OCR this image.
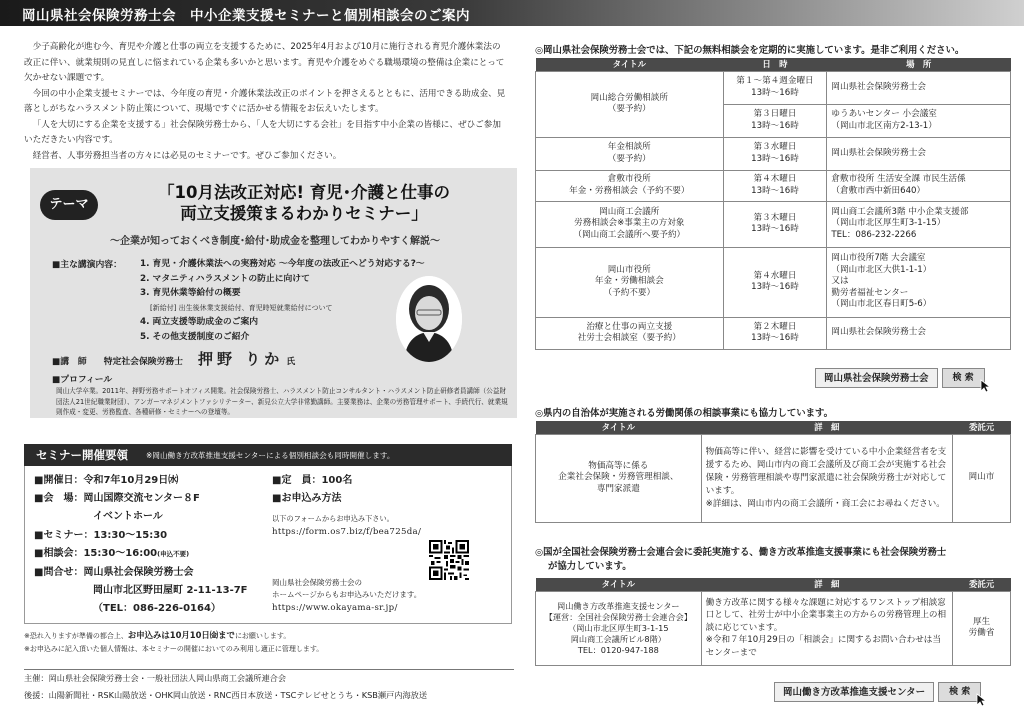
岡山県社会保険労務士会　中小企業支援セミナーと個別相談会のご案内

少子高齢化が進む今、育児や介護と仕事の両立を支援するために、2025年4月および10月に施行される育児介護休業法の改正に伴い、就業規則の見直しに悩まれている企業も多いかと思います。育児や介護をめぐる職場環境の整備は企業にとって欠かせない課題です。

今回の中小企業支援セミナーでは、今年度の育児・介護休業法改正のポイントを押さえるとともに、活用できる助成金、見落としがちなハラスメント防止策について、現場ですぐに活かせる情報をお伝えいたします。

「人を大切にする企業を支援する」社会保険労務士から、「人を大切にする会社」を目指す中小企業の皆様に、ぜひご参加いただきたい内容です。

経営者、人事労務担当者の方々には必見のセミナーです。ぜひご参加ください。

テーマ
「10月法改正対応! 育児･介護と仕事の
両立支援策まるわかりセミナー」
～企業が知っておくべき制度･給付･助成金を整理してわかりやすく解説～
■主な講演内容： 1. 育児・介護休業法への実務対応 ～今年度の法改正へどう対応する?～
2. マタニティハラスメントの防止に向けて
3. 育児休業等給付の概要
[新給付] 出生後休業支援給付、育児時短就業給付について
4. 両立支援等助成金のご案内
5. その他支援制度のご紹介
■講　師 特定社会保険労務士 押野 りか 氏
■プロフィール
岡山大学卒業。2011年、押野労務サポートオフィス開業。社会保険労務士、ハラスメント防止コンサルタント・ハラスメント防止研修者員講師（公益財団法人21世紀職業財団）、アンガーマネジメントファシリテーター、新見公立大学非常勤講師。主要業務は、企業の労務管理サポート、手続代行、就業規則作成・変更、労務監査、各種研修・セミナーへの登壇等。
セミナー開催要領 ※岡山働き方改革推進支援センターによる個別相談会も同時開催します。
■開催日：令和7年10月29日㈬
■会　場：岡山国際交流センター８F
イベントホール
■セミナー：13:30～15:30
■相談会：15:30～16:00(申込不要)
■問合せ：岡山県社会保険労務士会
岡山市北区野田屋町 2-11-13-7F
（TEL：086-226-0164）
■定　員：100名
■お申込み方法
以下のフォームからお申込み下さい。
https://form.os7.biz/f/bea725da/
岡山県社会保険労務士会の
ホームページからもお申込みいただけます。
https://www.okayama-sr.jp/
※恐れ入りますが準備の都合上、お申込みは10月10日㈮までにお願いします。
※お申込みに記入頂いた個人情報は、本セミナーの開催においてのみ利用し適正に管理します。
主催：岡山県社会保険労務士会・一般社団法人岡山県商工会議所連合会
後援：山陽新聞社・RSK山陽放送・OHK岡山放送・RNC西日本放送・TSCテレビせとうち・KSB瀬戸内海放送
◎岡山県社会保険労務士会では、下記の無料相談会を定期的に実施しています。是非ご利用ください。
タイトル	日　時	場　所
岡山総合労働相談所
（要予約）	第１～第４週金曜日
13時～16時	岡山県社会保険労務士会
	第３日曜日
13時～16時	ゆうあいセンター 小会議室
（岡山市北区南方2-13-1）
年金相談所
（要予約）	第３水曜日
13時～16時	岡山県社会保険労務士会
倉敷市役所
年金・労務相談会（予約不要）	第４木曜日
13時～16時	倉敷市役所 生活安全課 市民生活係
（倉敷市西中新田640）
岡山商工会議所
労務相談会※事業主の方対象
（岡山商工会議所へ要予約）	第３木曜日
13時～16時	岡山商工会議所3階 中小企業支援部
（岡山市北区厚生町3-1-15）
TEL：086-232-2266
岡山市役所
年金・労働相談会
（予約不要）	第４水曜日
13時～16時	岡山市役所7階 大会議室
（岡山市北区大供1-1-1）
又は
勤労者福祉センター
（岡山市北区春日町5-6）
治療と仕事の両立支援
社労士会相談室（要予約）	第２木曜日
13時～16時	岡山県社会保険労務士会
岡山県社会保険労務士会	検 索
◎県内の自治体が実施される労働関係の相談事業にも協力しています。
タイトル	詳　細	委託元
物価高等に係る
企業社会保険・労務管理相談、
専門家派遣	物価高等に伴い、経営に影響を受けている中小企業経営者を支援するため、岡山市内の商工会議所及び商工会が実施する社会保険・労務管理相談や専門家派遣に社会保険労務士が対応しています。
※詳細は、岡山市内の商工会議所・商工会にお尋ねください。	岡山市
◎国が全国社会保険労務士会連合会に委託実施する、働き方改革推進支援事業にも社会保険労務士
が協力しています。
タイトル	詳　細	委託元
岡山働き方改革推進支援センター
【運営：全国社会保険労務士会連合会】
（岡山市北区厚生町3-1-15
岡山商工会議所ビル8階）
TEL：0120-947-188	働き方改革に関する様々な課題に対応するワンストップ相談窓口として、社労士が中小企業事業主の方からの労務管理上の相談に応じています。
※令和７年10月29日の「相談会」に関するお問い合わせは当センターまで	厚生
労働省
岡山働き方改革推進支援センター	検 索
